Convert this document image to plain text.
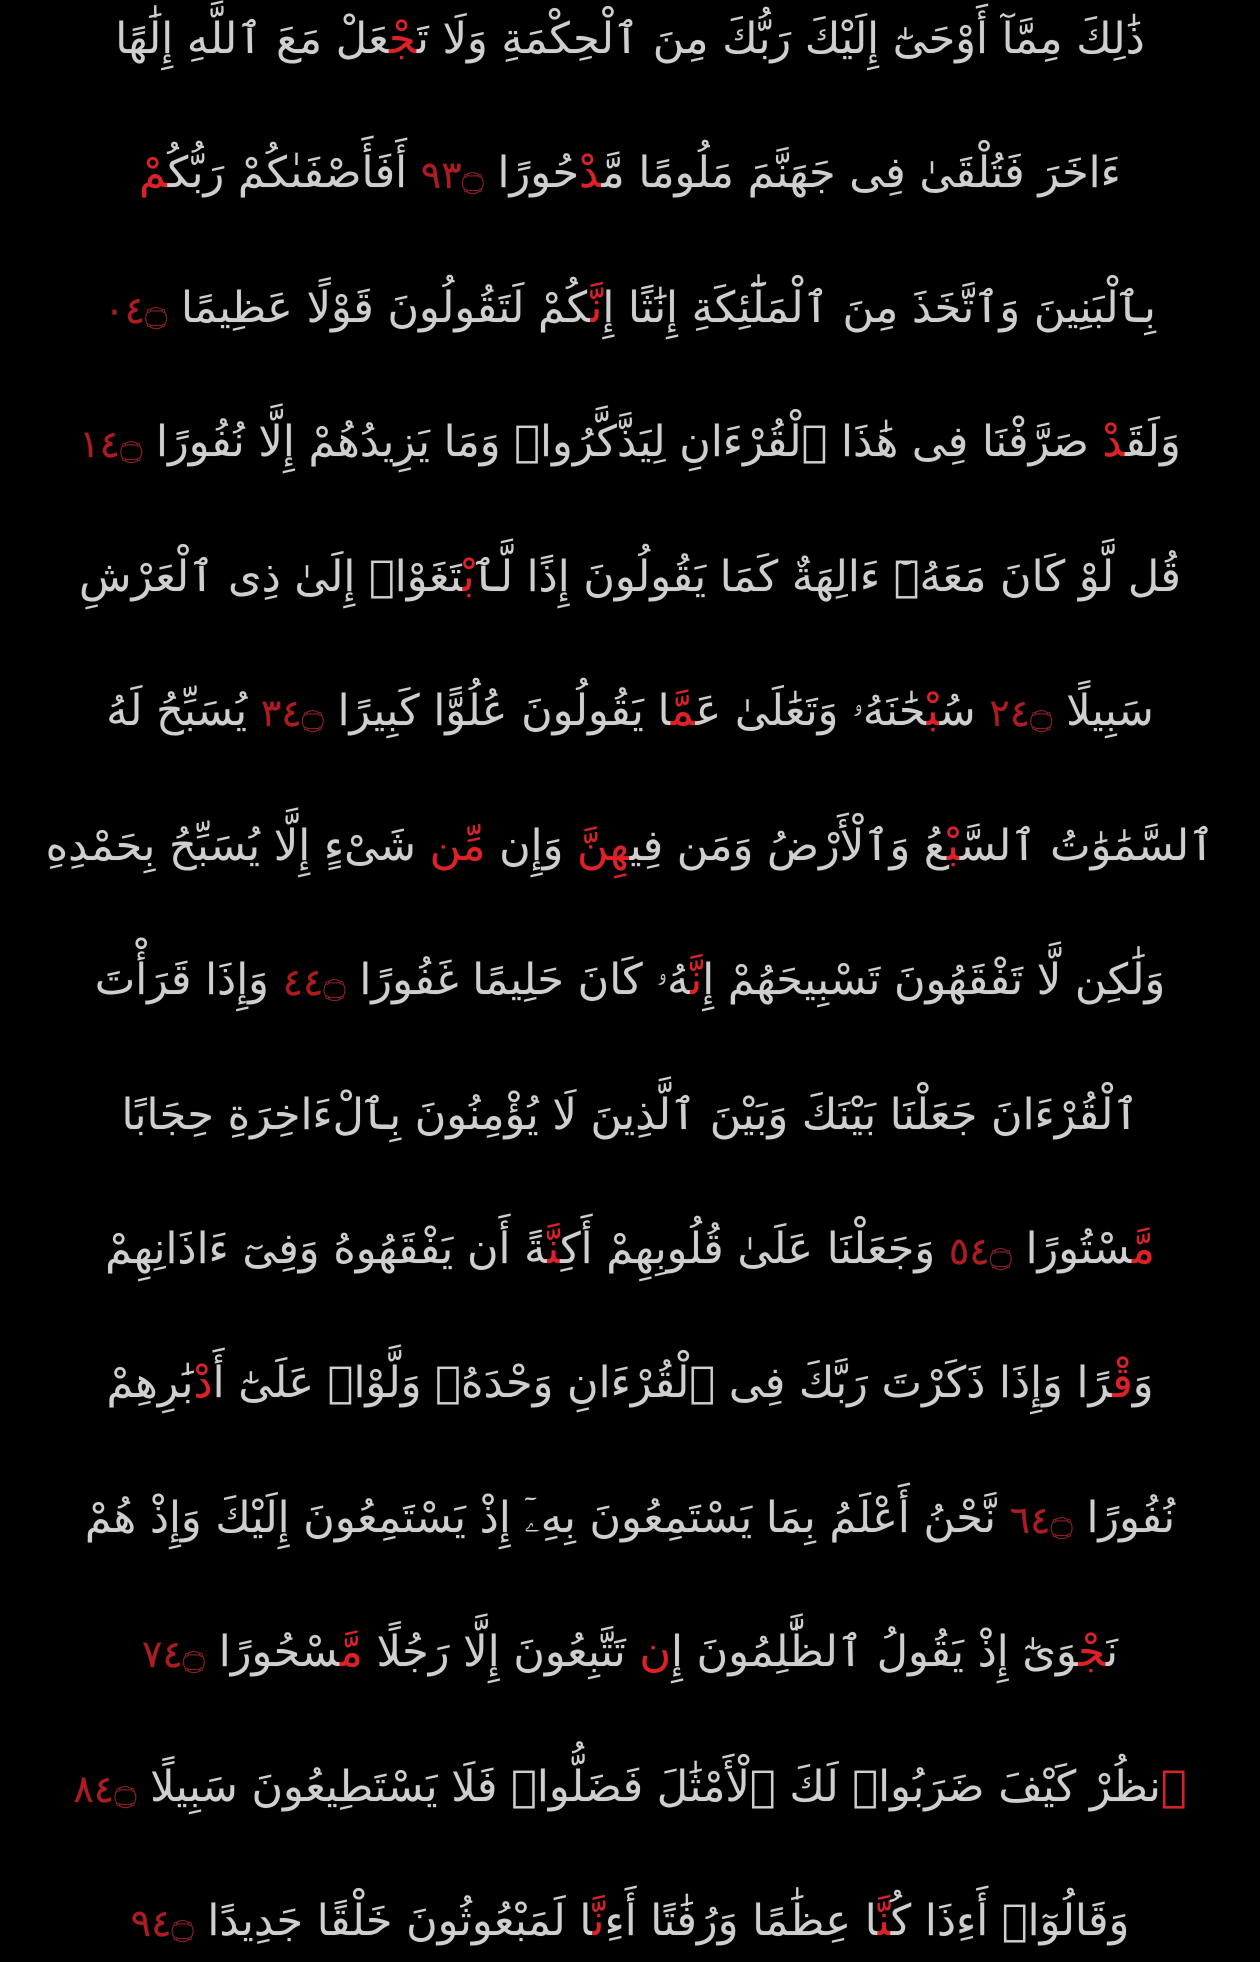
ذَٰلِكَ مِمَّآ أَوْحَىٰٓ إِلَيْكَ رَبُّكَ مِنَ ٱلْحِكْمَةِ وَلَا تَجْعَلْ مَعَ ٱللَّهِ إِلَٰهًا
ءَاخَرَ فَتُلْقَىٰ فِى جَهَنَّمَ مَلُومًا مَّدْحُورًا ۝٣٩ أَفَأَصْفَىٰكُمْ رَبُّكُمْ
بِٱلْبَنِينَ وَٱتَّخَذَ مِنَ ٱلْمَلَٰٓئِكَةِ إِنَٰثًا إِنَّكُمْ لَتَقُولُونَ قَوْلًا عَظِيمًا ۝٤٠
وَلَقَدْ صَرَّفْنَا فِى هَٰذَا ٱلْقُرْءَانِ لِيَذَّكَّرُوا۟ وَمَا يَزِيدُهُمْ إِلَّا نُفُورًا ۝٤١
قُل لَّوْ كَانَ مَعَهُۥٓ ءَالِهَةٌ كَمَا يَقُولُونَ إِذًا لَّٱبْتَغَوْا۟ إِلَىٰ ذِى ٱلْعَرْشِ
سَبِيلًا ۝٤٢ سُبْحَٰنَهُۥ وَتَعَٰلَىٰ عَمَّا يَقُولُونَ عُلُوًّا كَبِيرًا ۝٤٣ يُسَبِّحُ لَهُ
ٱلسَّمَٰوَٰتُ ٱلسَّبْعُ وَٱلْأَرْضُ وَمَن فِيهِنَّ وَإِن مِّن شَىْءٍ إِلَّا يُسَبِّحُ بِحَمْدِهِ
وَلَٰكِن لَّا تَفْقَهُونَ تَسْبِيحَهُمْ إِنَّهُۥ كَانَ حَلِيمًا غَفُورًا ۝٤٤ وَإِذَا قَرَأْتَ
ٱلْقُرْءَانَ جَعَلْنَا بَيْنَكَ وَبَيْنَ ٱلَّذِينَ لَا يُؤْمِنُونَ بِٱلْءَاخِرَةِ حِجَابًا
مَّسْتُورًا ۝٤٥ وَجَعَلْنَا عَلَىٰ قُلُوبِهِمْ أَكِنَّةً أَن يَفْقَهُوهُ وَفِىٓ ءَاذَانِهِمْ
وَقْرًا وَإِذَا ذَكَرْتَ رَبَّكَ فِى ٱلْقُرْءَانِ وَحْدَهُۥ وَلَّوْا۟ عَلَىٰٓ أَدْبَٰرِهِمْ
نُفُورًا ۝٤٦ نَّحْنُ أَعْلَمُ بِمَا يَسْتَمِعُونَ بِهِۦٓ إِذْ يَسْتَمِعُونَ إِلَيْكَ وَإِذْ هُمْ
نَجْوَىٰٓ إِذْ يَقُولُ ٱلظَّٰلِمُونَ إِن تَتَّبِعُونَ إِلَّا رَجُلًا مَّسْحُورًا ۝٤٧
ٱنظُرْ كَيْفَ ضَرَبُوا۟ لَكَ ٱلْأَمْثَٰلَ فَضَلُّوا۟ فَلَا يَسْتَطِيعُونَ سَبِيلًا ۝٤٨
وَقَالُوٓا۟ أَءِذَا كُنَّا عِظَٰمًا وَرُفَٰتًا أَءِنَّا لَمَبْعُوثُونَ خَلْقًا جَدِيدًا ۝٤٩
